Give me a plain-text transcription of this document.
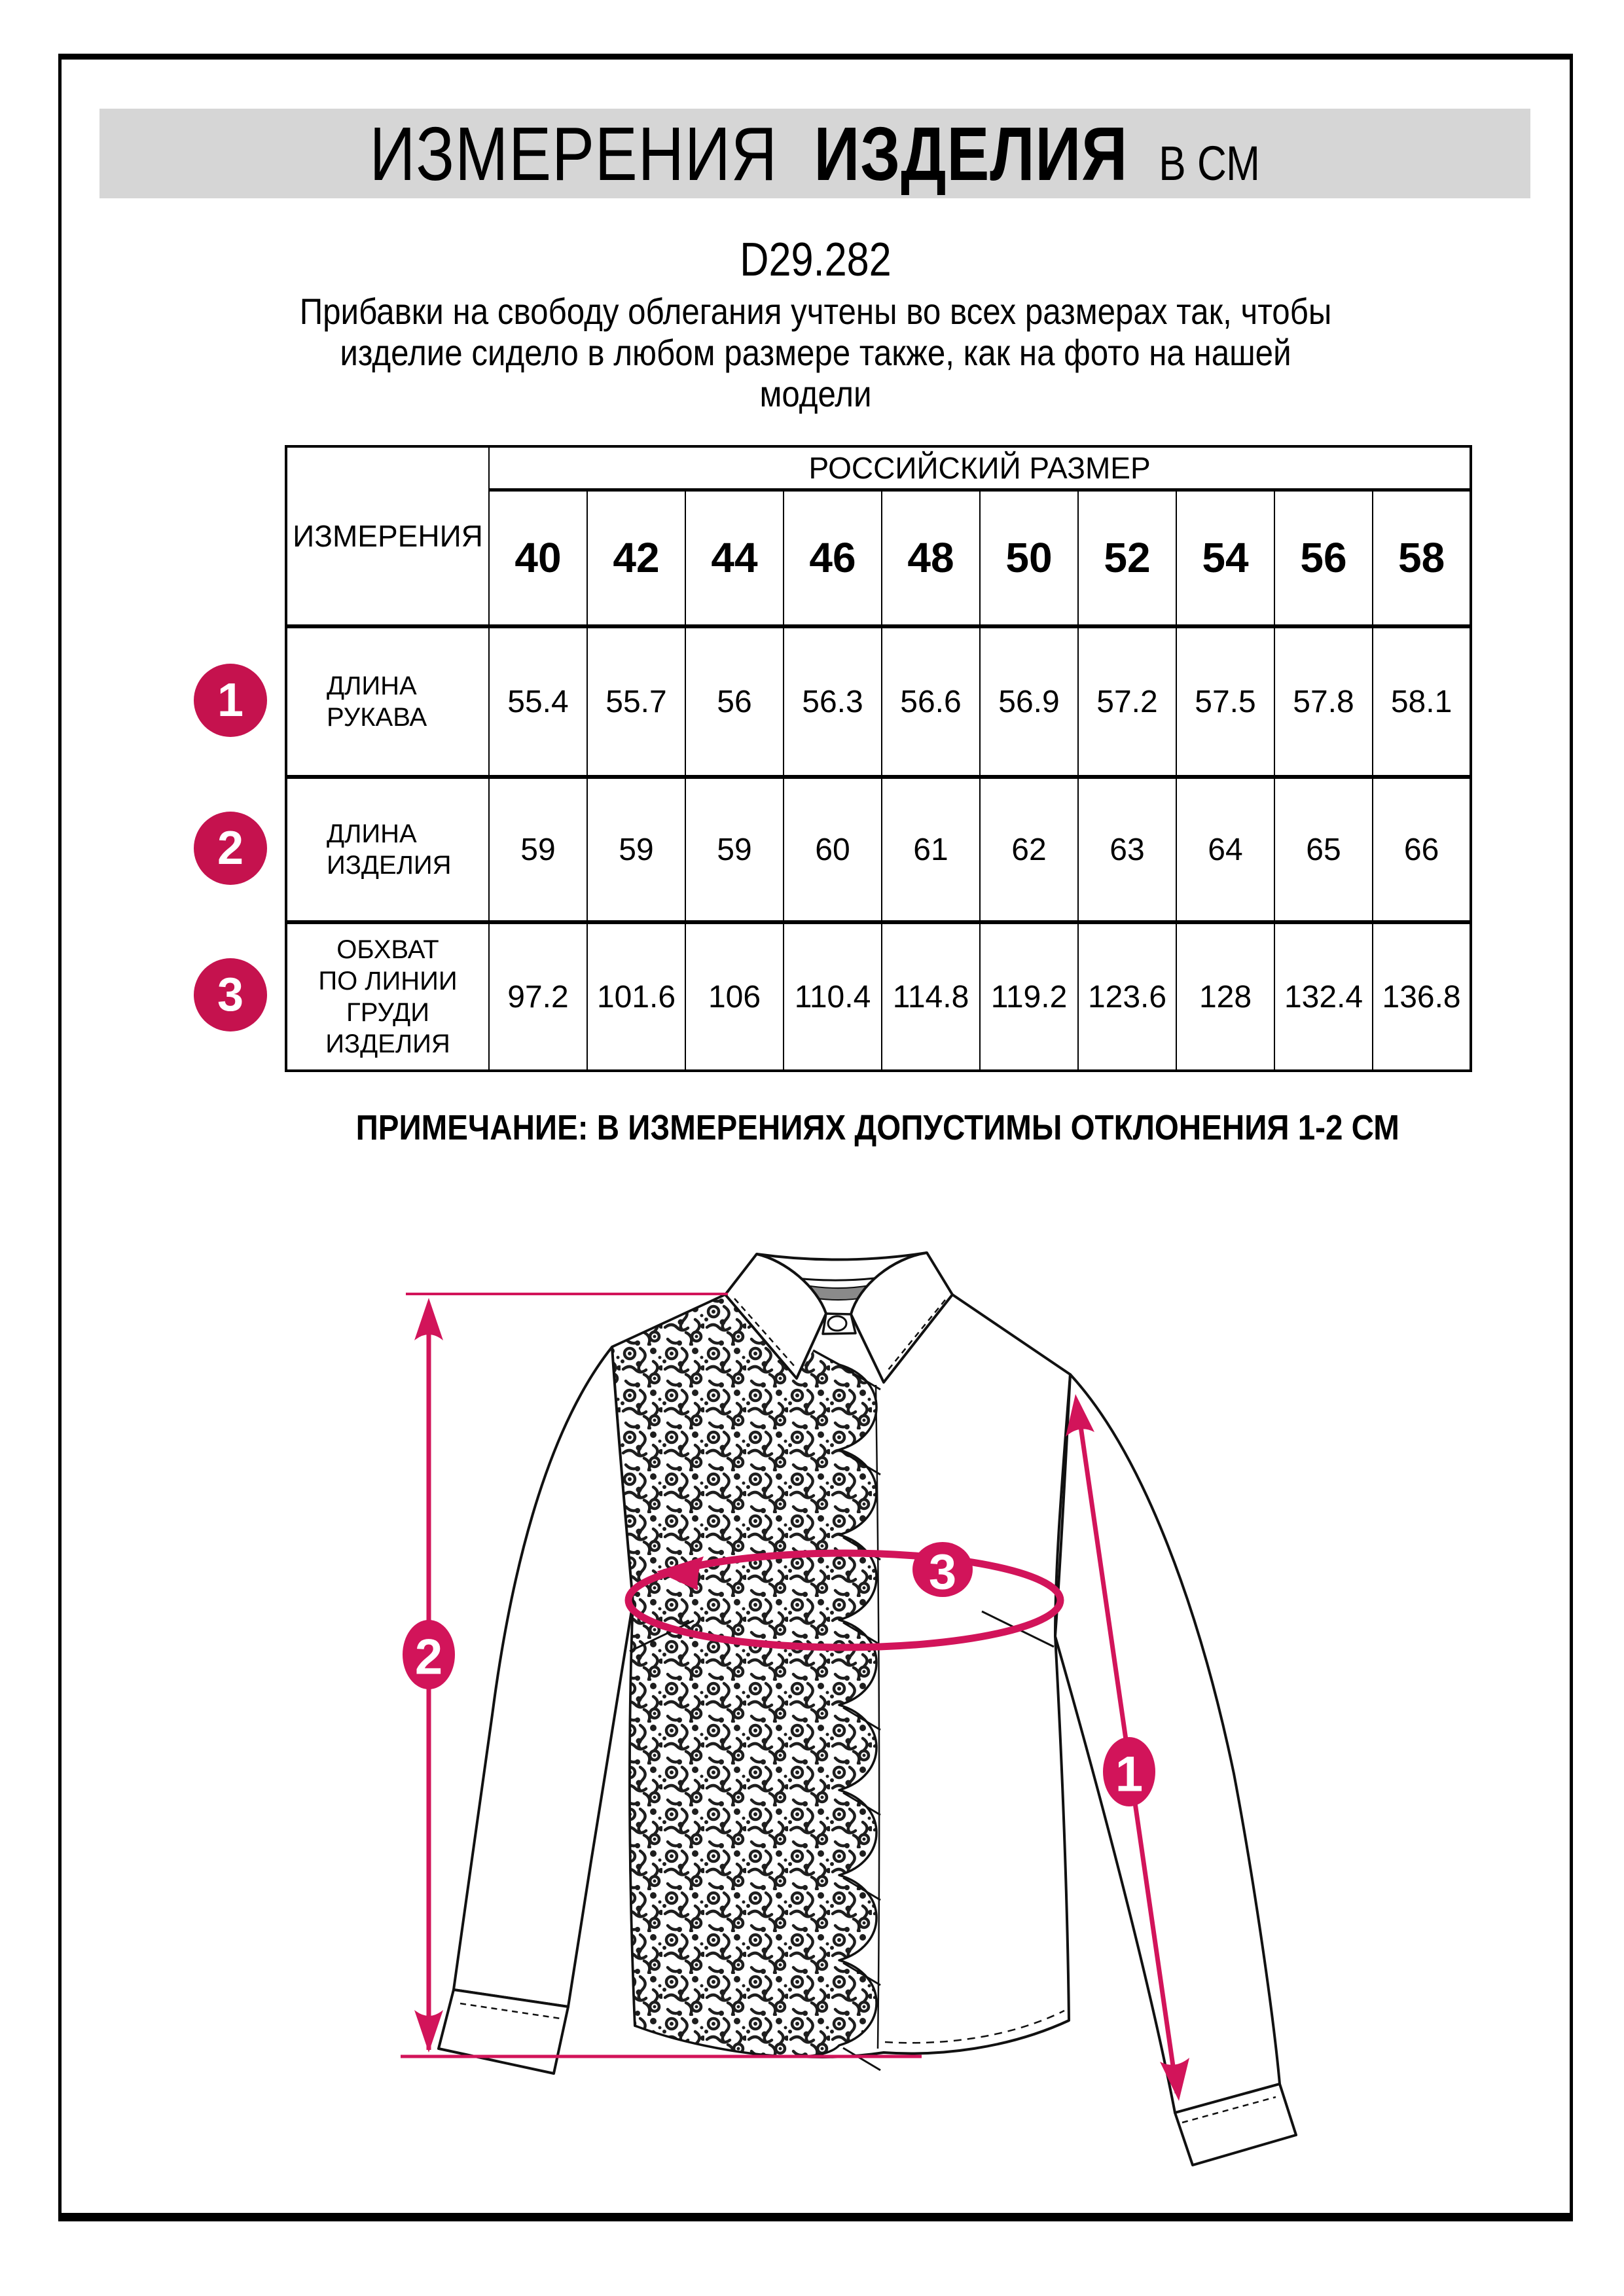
ИЗМЕРЕНИЯ ИЗДЕЛИЯ В СМ
D29.282
Прибавки на свободу облегания учтены во всех размерах так, чтобы
изделие сидело в любом размере также, как на фото на нашей
модели
ИЗМЕРЕНИЯ	РОССИЙСКИЙ РАЗМЕР									
	40	42	44	46	48	50	52	54	56	58
ДЛИНА РУКАВА	55.4	55.7	56	56.3	56.6	56.9	57.2	57.5	57.8	58.1
ДЛИНА ИЗДЕЛИЯ	59	59	59	60	61	62	63	64	65	66
ОБХВАТ ПО ЛИНИИ ГРУДИ ИЗДЕЛИЯ	97.2	101.6	106	110.4	114.8	119.2	123.6	128	132.4	136.8
1
2
3
ПРИМЕЧАНИЕ: В ИЗМЕРЕНИЯХ ДОПУСТИМЫ ОТКЛОНЕНИЯ 1-2 СМ
2
1
3
